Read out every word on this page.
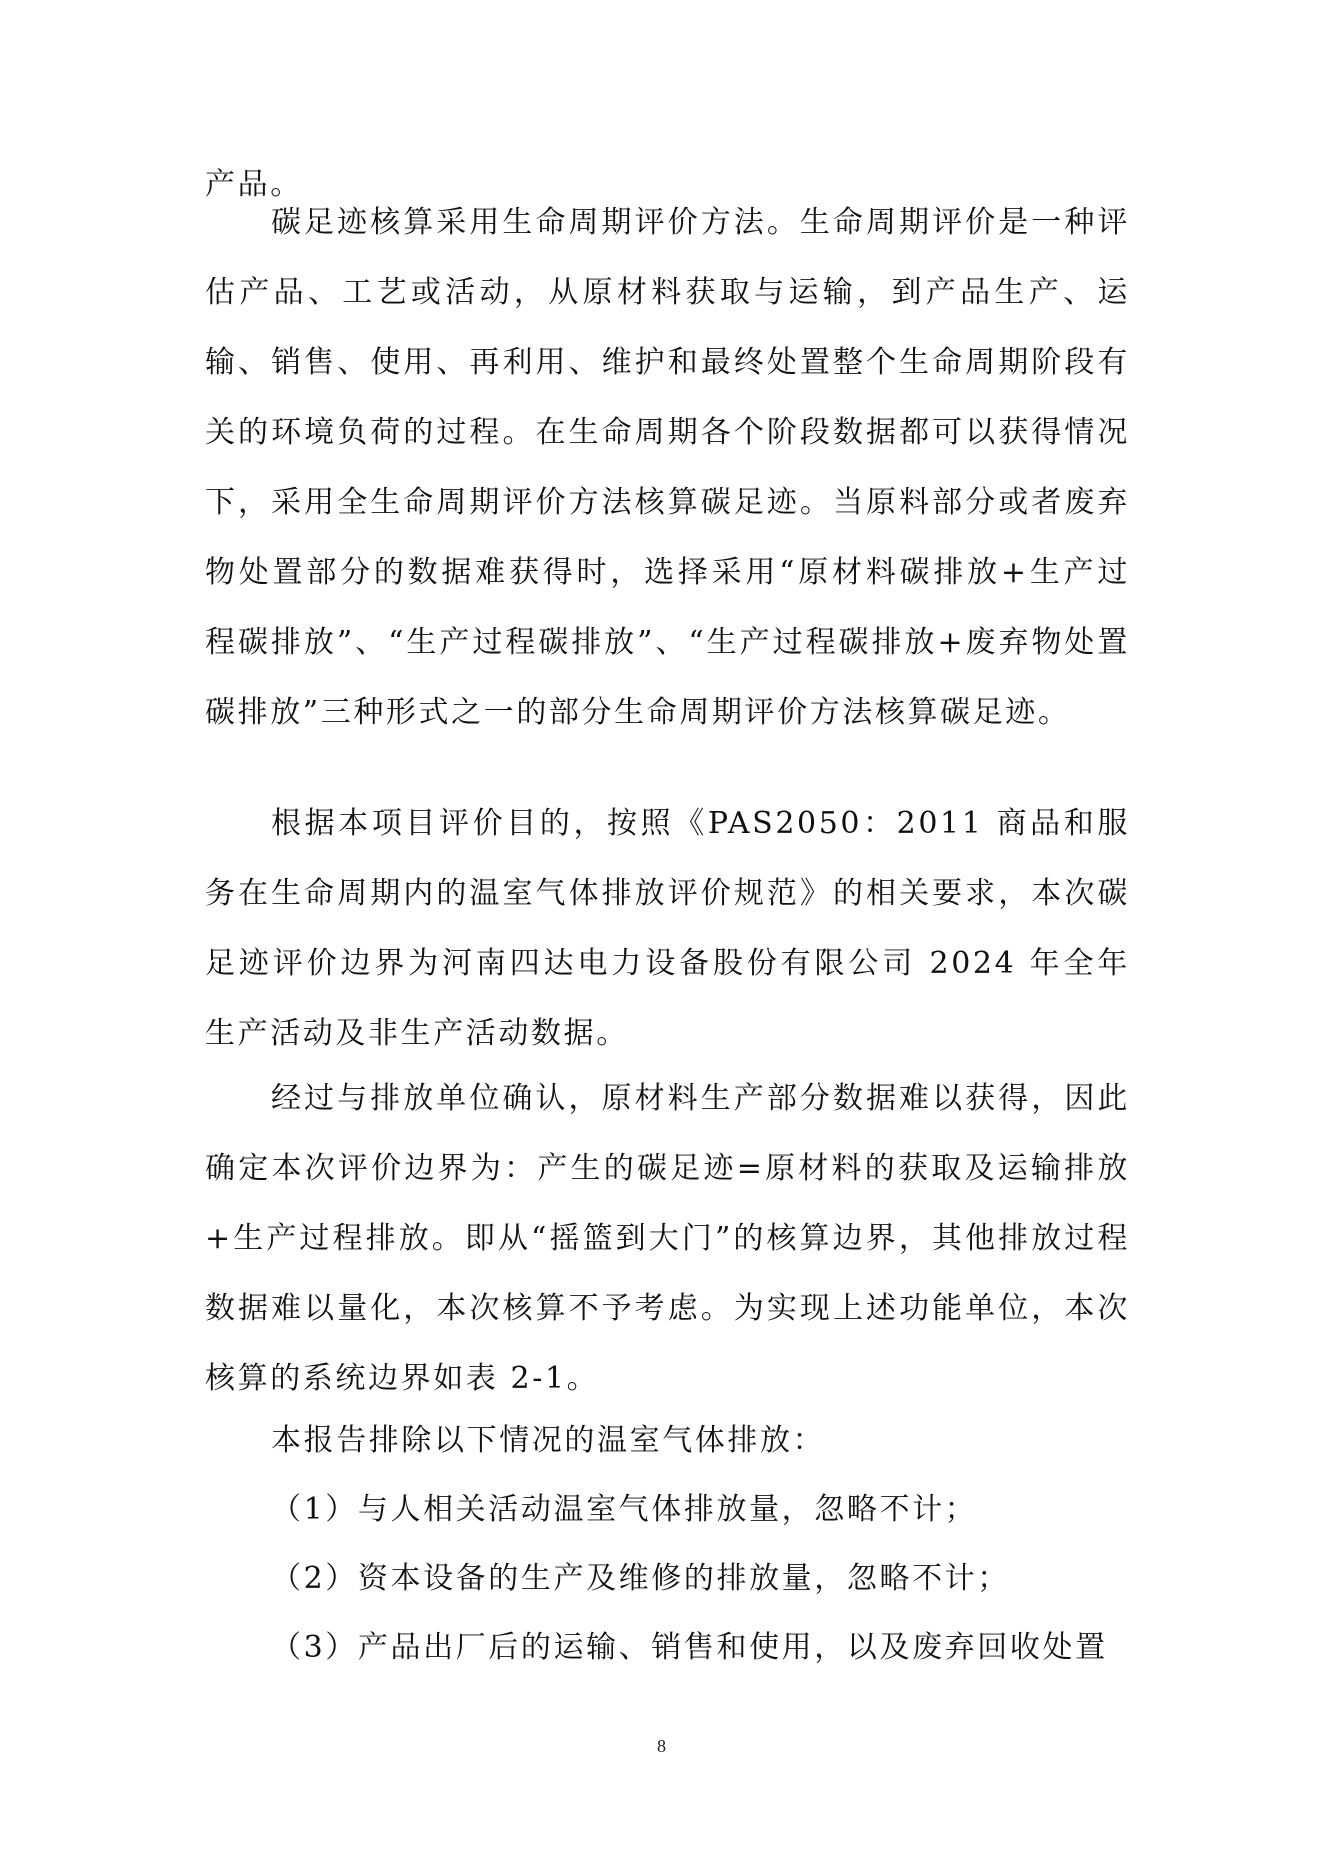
产品。

碳足迹核算采用生命周期评价方法。生命周期评价是一种评估产品、工艺或活动，从原材料获取与运输，到产品生产、运输、销售、使用、再利用、维护和最终处置整个生命周期阶段有关的环境负荷的过程。在生命周期各个阶段数据都可以获得情况下，采用全生命周期评价方法核算碳足迹。当原料部分或者废弃物处置部分的数据难获得时，选择采用“原材料碳排放+生产过程碳排放”、“生产过程碳排放”、“生产过程碳排放+废弃物处置碳排放”三种形式之一的部分生命周期评价方法核算碳足迹。

根据本项目评价目的，按照《PAS2050：2011 商品和服务在生命周期内的温室气体排放评价规范》的相关要求，本次碳足迹评价边界为河南四达电力设备股份有限公司 2024 年全年生产活动及非生产活动数据。

经过与排放单位确认，原材料生产部分数据难以获得，因此确定本次评价边界为：产生的碳足迹=原材料的获取及运输排放+生产过程排放。即从“摇篮到大门”的核算边界，其他排放过程数据难以量化，本次核算不予考虑。为实现上述功能单位，本次核算的系统边界如表 2-1。

本报告排除以下情况的温室气体排放：

（1）与人相关活动温室气体排放量，忽略不计；

（2）资本设备的生产及维修的排放量，忽略不计；

（3）产品出厂后的运输、销售和使用，以及废弃回收处置

8
